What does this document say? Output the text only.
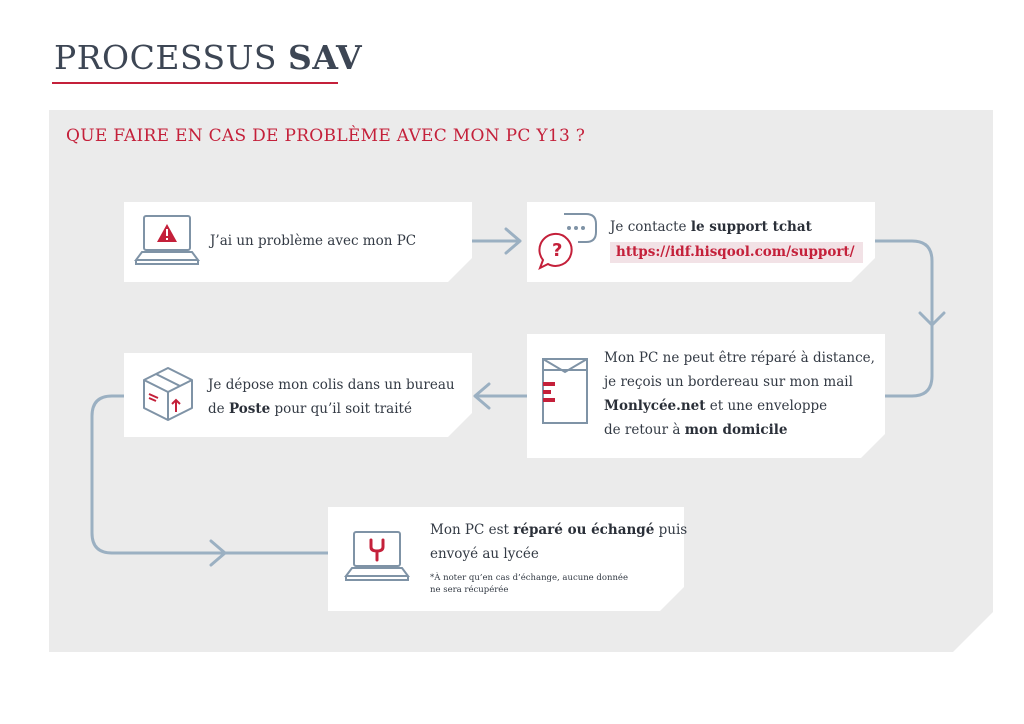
PROCESSUS SAV
QUE FAIRE EN CAS DE PROBLÈME AVEC MON PC Y13 ?
J’ai un problème avec mon PC	?
Je contacte le support tchat
https://idf.hisqool.com/support/
Mon PC ne peut être réparé à distance,
je reçois un bordereau sur mon mail
Monlycée.net et une enveloppe
de retour à mon domicile
Je dépose mon colis dans un bureau
de Poste pour qu’il soit traité
Mon PC est réparé ou échangé puis
envoyé au lycée
*À noter qu’en cas d’échange, aucune donnée
ne sera récupérée
